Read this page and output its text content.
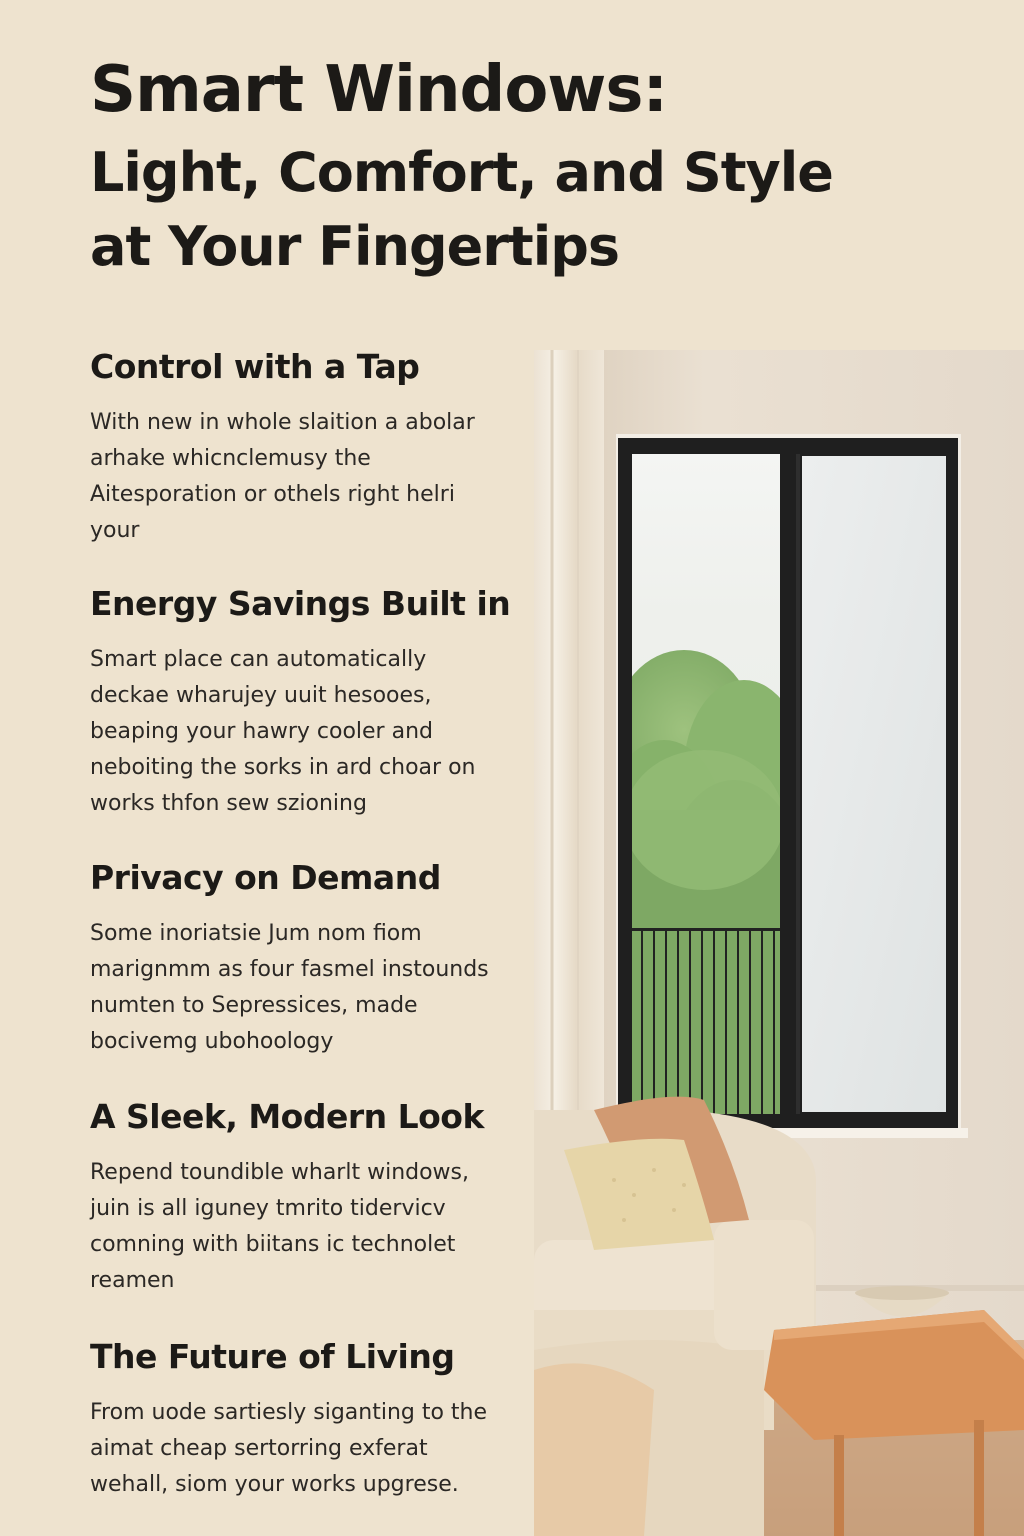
Smart Windows:
Light, Comfort, and Style
at Your Fingertips
Control with a Tap

With new in whole slaition a abolar arhake whicnclemusy the Aitesporation or othels right helri your

Energy Savings Built in

Smart place can automatically deckae wharujey uuit hesooes, beaping your hawry cooler and neboiting the sorks in ard choar on works thfon sew szioning

Privacy on Demand

Some inoriatsie Jum nom fiom marignmm as four fasmel instounds numten to Sepressices, made bocivemg ubohoology

A Sleek, Modern Look

Repend toundible wharlt windows, juin is all iguney tmrito tidervicv comning with biitans ic technolet reamen

The Future of Living

From uode sartiesly siganting to the aimat cheap sertorring exferat wehall, siom your works upgrese.
